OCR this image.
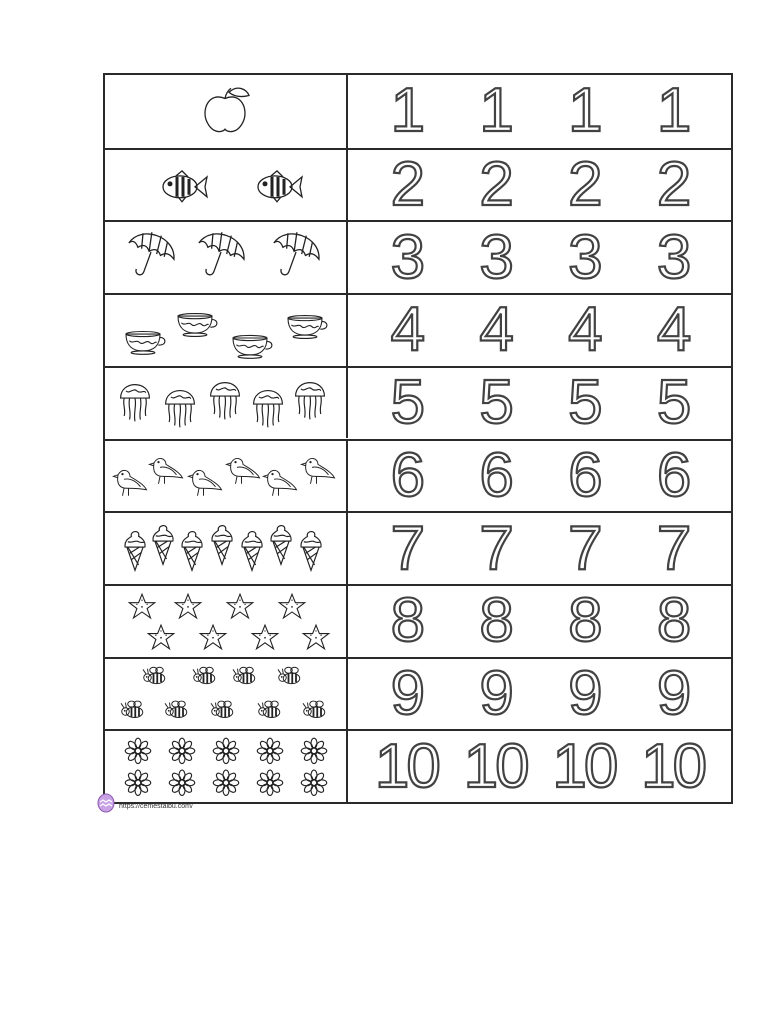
1 1 1 1
2 2 2 2
3 3 3 3
4 4 4 4
5 5 5 5
6 6 6 6
7 7 7 7
8 8 8 8
9 9 9 9
10 10 10 10
https://cemestaibu.com/
